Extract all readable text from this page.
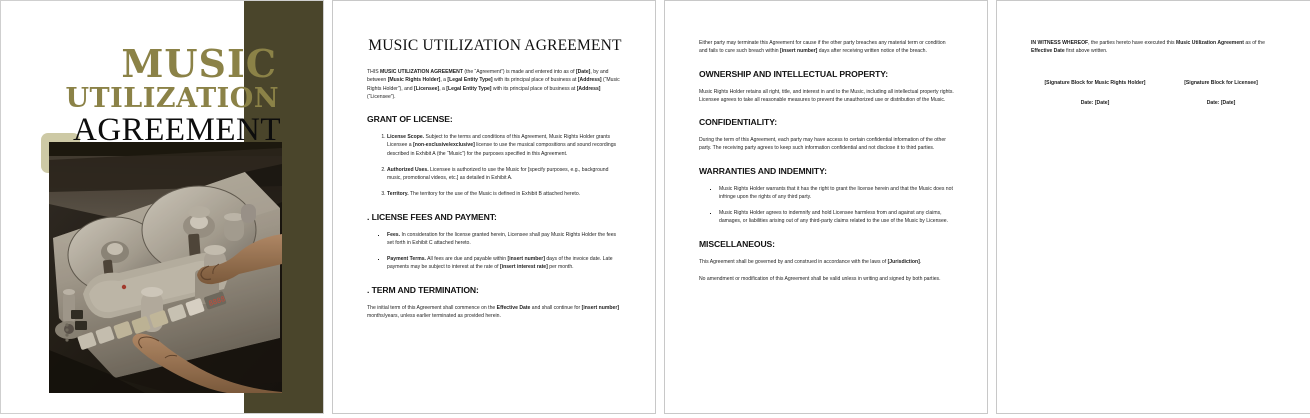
MUSIC
UTILIZATION
AGREEMENT
8888
MUSIC UTILIZATION AGREEMENT

THIS MUSIC UTILIZATION AGREEMENT (the “Agreement”) is made and entered into as of [Date], by and between [Music Rights Holder], a [Legal Entity Type] with its principal place of business at [Address] (“Music Rights Holder”), and [Licensee], a [Legal Entity Type] with its principal place of business at [Address] (“Licensee”).

GRANT OF LICENSE:
1. License Scope. Subject to the terms and conditions of this Agreement, Music Rights Holder grants Licensee a [non-exclusive/exclusive] license to use the musical compositions and sound recordings described in Exhibit A (the “Music”) for the purposes specified in this Agreement.
2. Authorized Uses. Licensee is authorized to use the Music for [specify purposes, e.g., background music, promotional videos, etc.] as detailed in Exhibit A.
3. Territory. The territory for the use of the Music is defined in Exhibit B attached hereto.
. LICENSE FEES AND PAYMENT:
▪ Fees. In consideration for the license granted herein, Licensee shall pay Music Rights Holder the fees set forth in Exhibit C attached hereto.
▪ Payment Terms. All fees are due and payable within [insert number] days of the invoice date. Late payments may be subject to interest at the rate of [insert interest rate] per month.
. TERM AND TERMINATION:

The initial term of this Agreement shall commence on the Effective Date and shall continue for [insert number] months/years, unless earlier terminated as provided herein.

Either party may terminate this Agreement for cause if the other party breaches any material term or condition and fails to cure such breach within [insert number] days after receiving written notice of the breach.

OWNERSHIP AND INTELLECTUAL PROPERTY:

Music Rights Holder retains all right, title, and interest in and to the Music, including all intellectual property rights. Licensee agrees to take all reasonable measures to prevent the unauthorized use or distribution of the Music.

CONFIDENTIALITY:

During the term of this Agreement, each party may have access to certain confidential information of the other party. The receiving party agrees to keep such information confidential and not disclose it to third parties.

WARRANTIES AND INDEMNITY:
▪ Music Rights Holder warrants that it has the right to grant the license herein and that the Music does not infringe upon the rights of any third party.
▪ Music Rights Holder agrees to indemnify and hold Licensee harmless from and against any claims, damages, or liabilities arising out of any third-party claims related to the use of the Music by Licensee.
MISCELLANEOUS:

This Agreement shall be governed by and construed in accordance with the laws of [Jurisdiction].

No amendment or modification of this Agreement shall be valid unless in writing and signed by both parties.

IN WITNESS WHEREOF, the parties hereto have executed this Music Utilization Agreement as of the Effective Date first above written.

[Signature Block for Music Rights Holder]
Date: [Date]
[Signature Block for Licensee]
Date: [Date]
